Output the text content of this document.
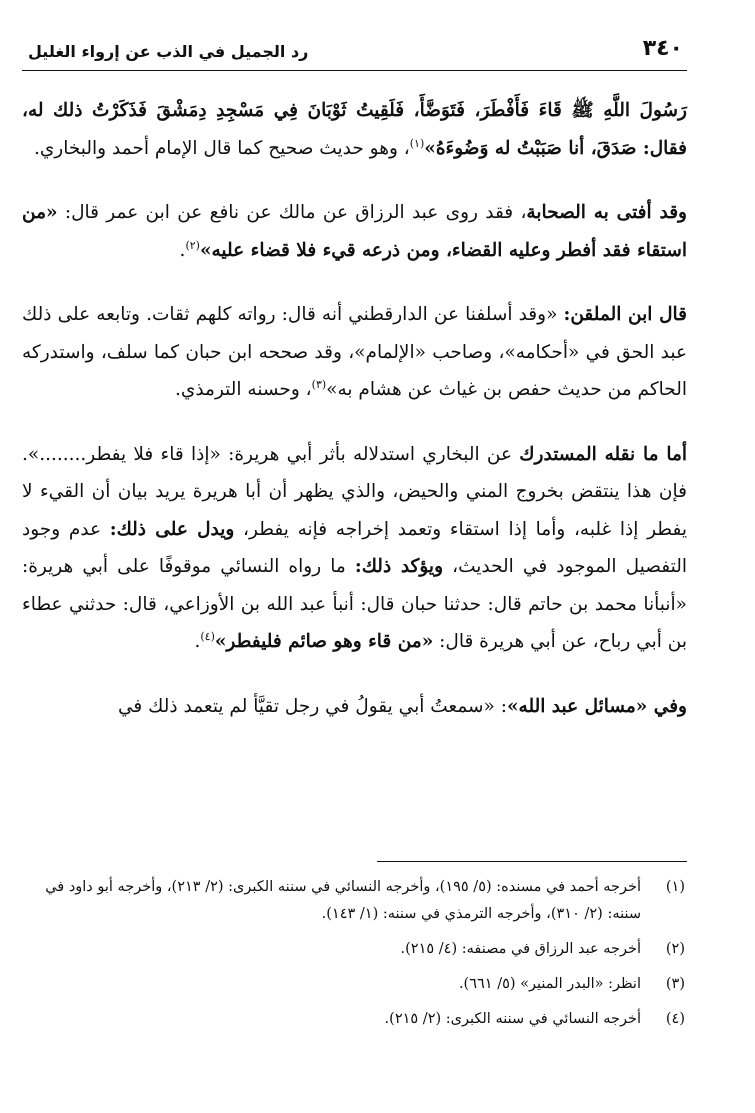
٣٤٠
رد الجميل في الذب عن إرواء الغليل

رَسُولَ اللَّهِ ﷺ قَاءَ فَأَفْطَرَ، فَتَوَضَّأَ، فَلَقِيتُ ثَوْبَانَ فِي مَسْجِدِ دِمَشْقَ فَذَكَرْتُ ذلك له، فقال: صَدَقَ، أنا صَبَبْتُ له وَضُوءَهُ»$^{(١)}$، وهو حديث صحيح كما قال الإمام أحمد والبخاري.

وقد أفتى به الصحابة، فقد روى عبد الرزاق عن مالك عن نافع عن ابن عمر قال: «من استقاء فقد أفطر وعليه القضاء، ومن ذرعه قيء فلا قضاء عليه»$^{(٢)}$.

قال ابن الملقن: «وقد أسلفنا عن الدارقطني أنه قال: رواته كلهم ثقات. وتابعه على ذلك عبد الحق في «أحكامه»، وصاحب «الإلمام»، وقد صححه ابن حبان كما سلف، واستدركه الحاكم من حديث حفص بن غياث عن هشام به»$^{(٣)}$، وحسنه الترمذي.

أما ما نقله المستدرك عن البخاري استدلاله بأثر أبي هريرة: «إذا قاء فلا يفطر........». فإن هذا ينتقض بخروج المني والحيض، والذي يظهر أن أبا هريرة يريد بيان أن القيء لا يفطر إذا غلبه، وأما إذا استقاء وتعمد إخراجه فإنه يفطر، ويدل على ذلك: عدم وجود التفصيل الموجود في الحديث، ويؤكد ذلك: ما رواه النسائي موقوفًا على أبي هريرة: «أنبأنا محمد بن حاتم قال: حدثنا حبان قال: أنبأ عبد الله بن الأوزاعي، قال: حدثني عطاء بن أبي رباح، عن أبي هريرة قال: «من قاء وهو صائم فليفطر»$^{(٤)}$.

وفي «مسائل عبد الله»: «سمعتُ أبي يقولُ في رجل تقيَّأ لم يتعمد ذلك في

(١)
أخرجه أحمد في مسنده: (٥/ ١٩٥)، وأخرجه النسائي في سننه الكبرى: (٢/ ٢١٣)، وأخرجه أبو داود في سننه: (٢/ ٣١٠)، وأخرجه الترمذي في سننه: (١/ ١٤٣).
(٢)
أخرجه عبد الرزاق في مصنفه: (٤/ ٢١٥).
(٣)
انظر: «البدر المنير» (٥/ ٦٦١).
(٤)
أخرجه النسائي في سننه الكبرى: (٢/ ٢١٥).
